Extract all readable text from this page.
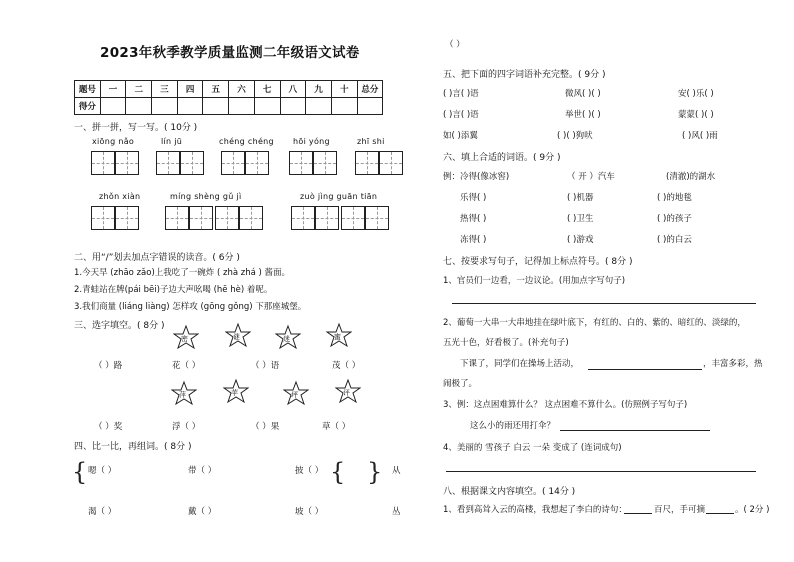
2023年秋季教学质量监测二年级语文试卷
题号	一	二	三	四	五	六	七	八	九	十	总分
得分											
一、拼一拼，写一写。( 10分 )
xiōng nǎo	lín jū	chéng chéng hōi yóng	zhī shi
zhǒn xiàn	míng shèng gǔ jì	zuò jìng guān tiān
二、用“/”划去加点字错误的读音。( 6分 )
1.今天早 (zhāo zǎo)上我吃了一碗炸 ( zhà zhá ) 酱面。
2.青蛙站在牌(pái bēi)子边大声吆喝 (hē hè) 着呢。
3.我们商量 (liáng liàng) 怎样攻 (gōng gǒng) 下那座城堡。
三、选字填空。( 8分 )
密	谜	迷	蜜
（ ）路	花（ ）	（ ）语	茂（ ）
萍	苹	坪	评
（ ）奖	浮（ ）	（ ）果	草（ ）
四、比一比，再组词。( 8分 )
{ 嗯（ ）	带（ ）	披（ ）	从
{ }
渴（ ）	戴（ ）	坡（ ）	丛
（ ）
五、把下面的四字词语补充完整。( 9分 )
( )言( )语	微风( )( )	安( )乐( )
( )言( )语	举世( )( )	蒙蒙( )( )
如( )添翼	( )( )狗吠	( )风( )雨
六、填上合适的词语。( 9分 )
例：冷得(像冰窖)	（ 开 ）汽车	(清澈)的湖水
乐得( )	( )机器	( )的地毯
热得( )	( )卫生	( )的孩子
冻得( )	( )游戏	( )的白云
七、按要求写句子，记得加上标点符号。( 8分 )
1、官员们一边看，一边议论。(用加点字写句子)
2、葡萄一大串一大串地挂在绿叶底下，有红的、白的、紫的、暗红的、淡绿的，
五光十色，好看极了。(补充句子)
下课了，同学们在操场上活动，	，丰富多彩，热
闹极了。
3、例：这点困难算什么？ 这点困难不算什么。(仿照例子写句子)
这么小的雨还用打伞？
4、美丽的 雪孩子 白云 一朵 变成了 (连词成句)
八、根据课文内容填空。( 14分 )
1、看到高耸入云的高楼，我想起了李白的诗句：	百尺，手可摘	。( 2分 )
